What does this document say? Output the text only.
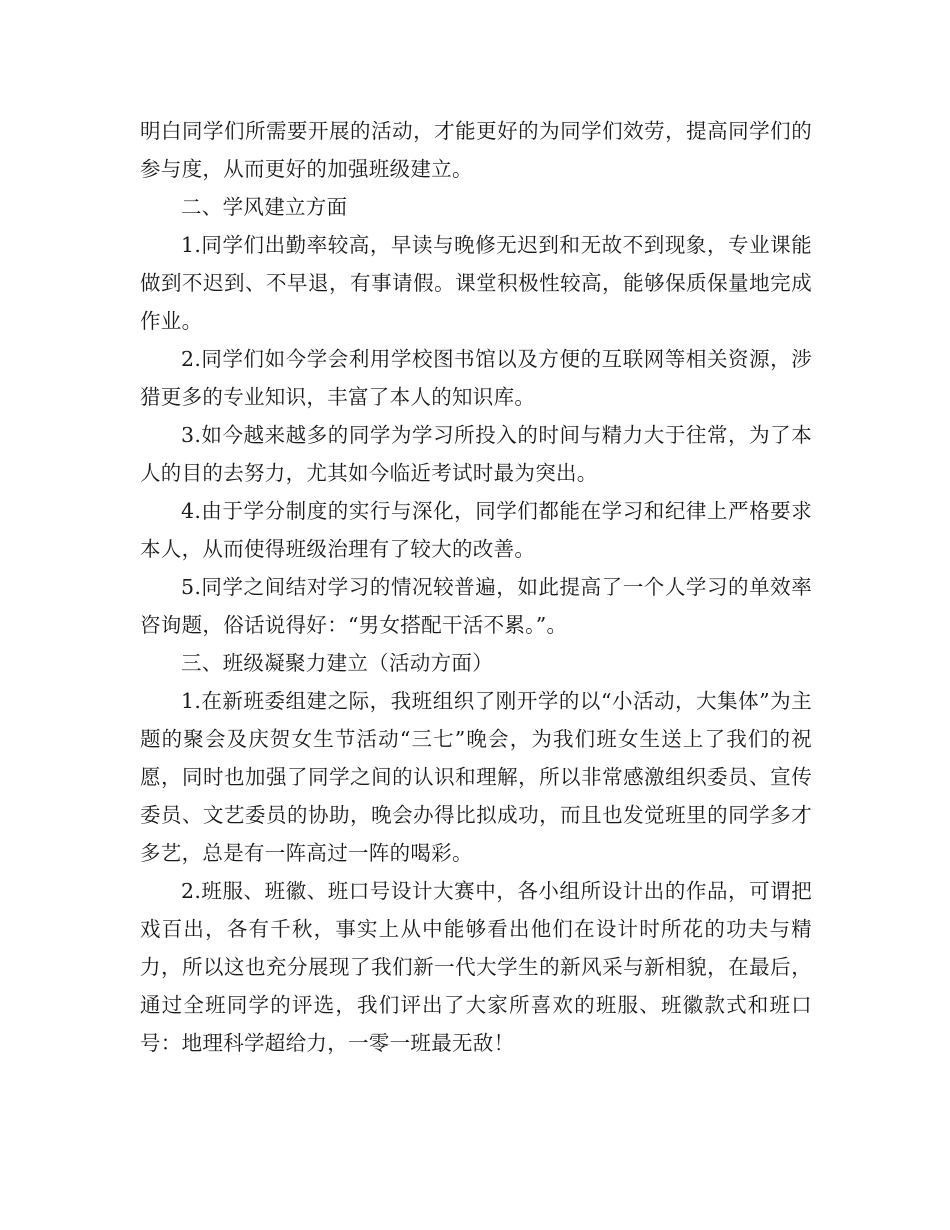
明白同学们所需要开展的活动，才能更好的为同学们效劳，提高同学们的参与度，从而更好的加强班级建立。

二、学风建立方面

1.同学们出勤率较高，早读与晚修无迟到和无故不到现象，专业课能做到不迟到、不早退，有事请假。课堂积极性较高，能够保质保量地完成作业。

2.同学们如今学会利用学校图书馆以及方便的互联网等相关资源，涉猎更多的专业知识，丰富了本人的知识库。

3.如今越来越多的同学为学习所投入的时间与精力大于往常，为了本人的目的去努力，尤其如今临近考试时最为突出。

4.由于学分制度的实行与深化，同学们都能在学习和纪律上严格要求本人，从而使得班级治理有了较大的改善。

5.同学之间结对学习的情况较普遍，如此提高了一个人学习的单效率咨询题，俗话说得好：“男女搭配干活不累。”。

三、班级凝聚力建立（活动方面）

1.在新班委组建之际，我班组织了刚开学的以“小活动，大集体”为主题的聚会及庆贺女生节活动“三七”晚会，为我们班女生送上了我们的祝愿，同时也加强了同学之间的认识和理解，所以非常感激组织委员、宣传委员、文艺委员的协助，晚会办得比拟成功，而且也发觉班里的同学多才多艺，总是有一阵高过一阵的喝彩。

2.班服、班徽、班口号设计大赛中，各小组所设计出的作品，可谓把戏百出，各有千秋，事实上从中能够看出他们在设计时所花的功夫与精力，所以这也充分展现了我们新一代大学生的新风采与新相貌，在最后，通过全班同学的评选，我们评出了大家所喜欢的班服、班徽款式和班口号：地理科学超给力，一零一班最无敌！
